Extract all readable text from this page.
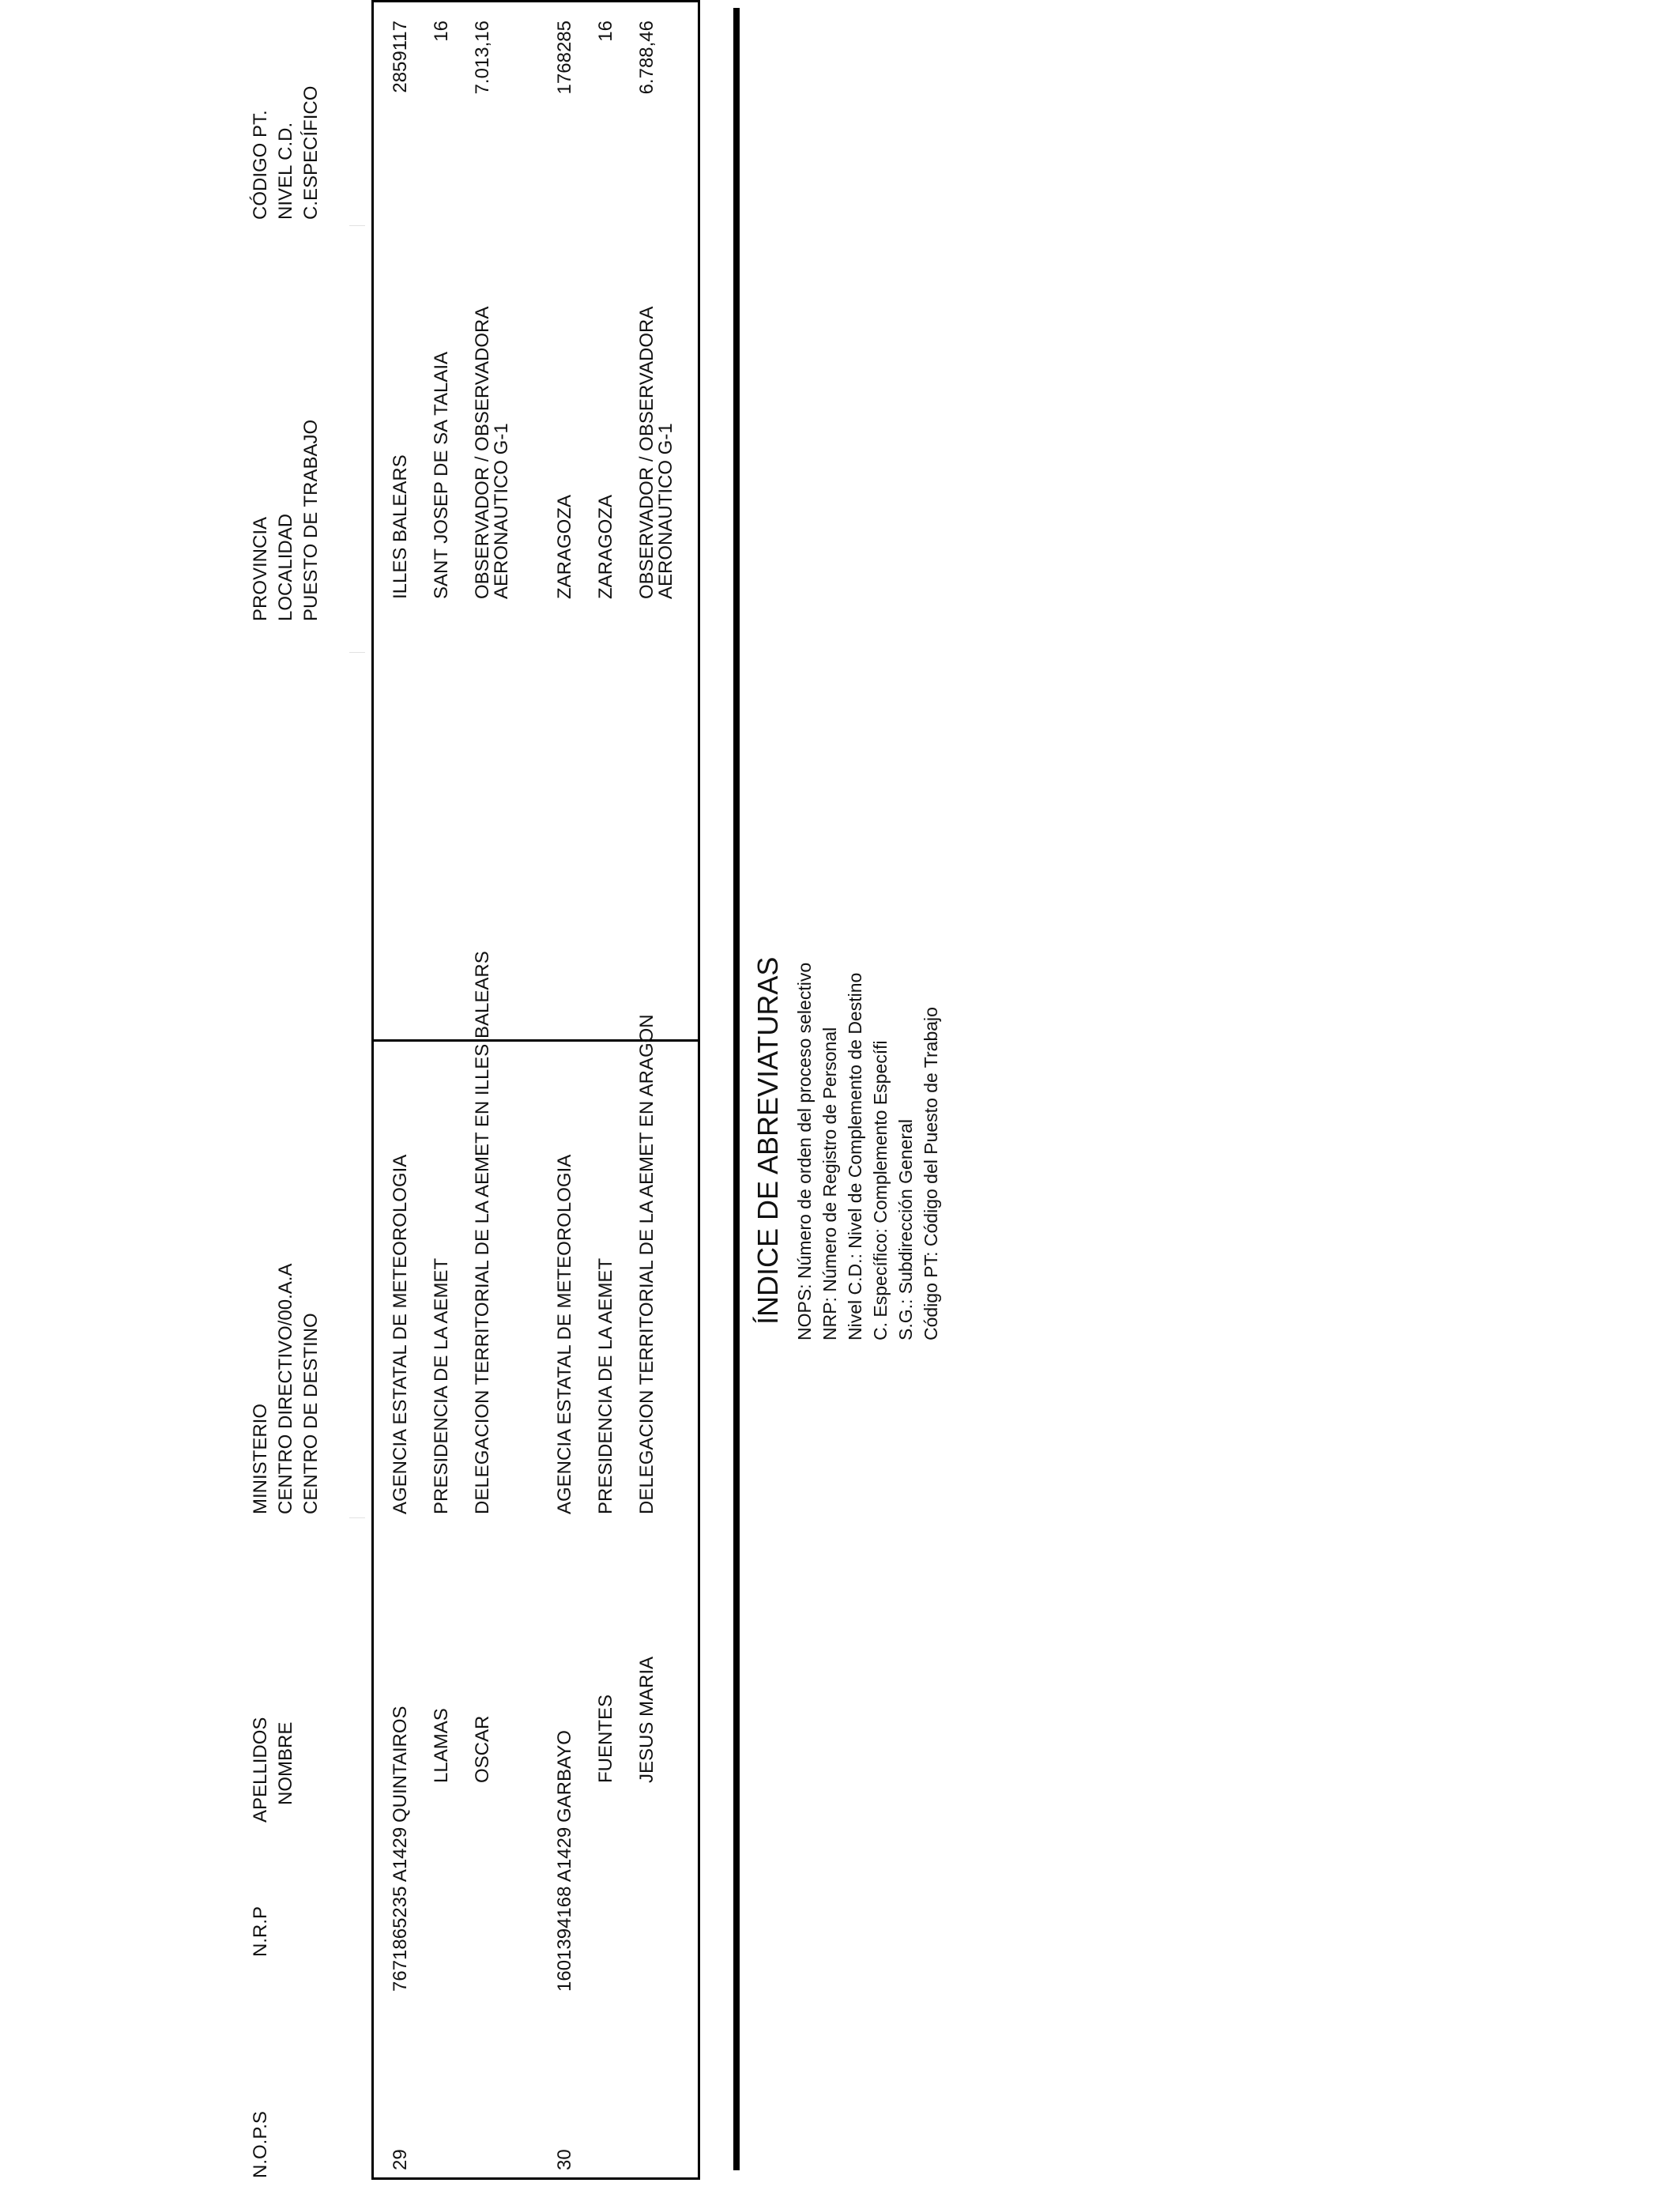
N.O.P.S
N.R.P
APELLIDOS NOMBRE
MINISTERIO CENTRO DIRECTIVO/00.A.A CENTRO DE DESTINO
PROVINCIA LOCALIDAD PUESTO DE TRABAJO
CÓDIGO PT. NIVEL C.D. C.ESPECÍFICO
29
7671865235 A1429
QUINTAIROS LLAMAS OSCAR
AGENCIA ESTATAL DE METEOROLOGIA PRESIDENCIA DE LA AEMET DELEGACION TERRITORIAL DE LA AEMET EN ILLES BALEARS
ILLES BALEARS SANT JOSEP DE SA TALAIA OBSERVADOR / OBSERVADORA
AERONAUTICO G-1
2859117 16 7.013,16
30
1601394168 A1429
GARBAYO FUENTES JESUS MARIA
AGENCIA ESTATAL DE METEOROLOGIA PRESIDENCIA DE LA AEMET DELEGACION TERRITORIAL DE LA AEMET EN ARAGON
ZARAGOZA ZARAGOZA OBSERVADOR / OBSERVADORA
AERONAUTICO G-1
1768285 16 6.788,46
ÍNDICE DE ABREVIATURAS NOPS: Número de orden del proceso selectivo NRP: Número de Registro de Personal Nivel C.D.: Nivel de Complemento de Destino C. Específico: Complemento Específi S.G.: Subdirección General Código PT: Código del Puesto de Trabajo
